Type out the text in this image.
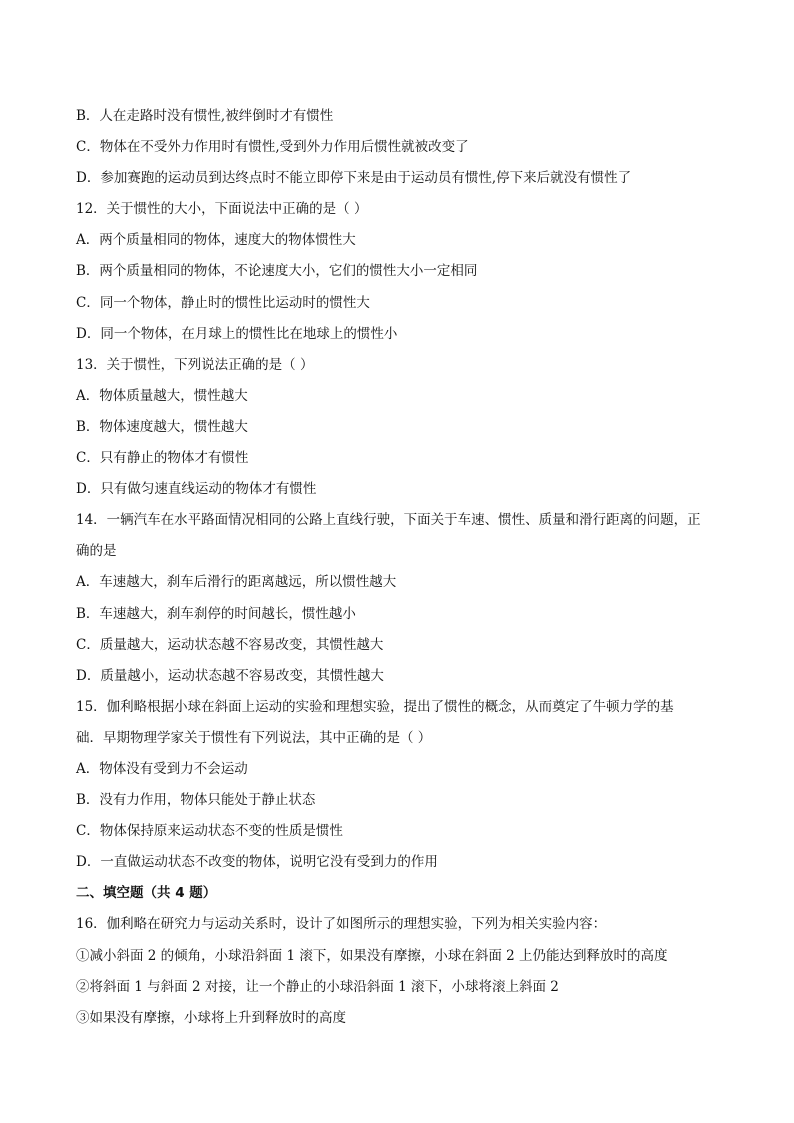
B．人在走路时没有惯性,被绊倒时才有惯性
C．物体在不受外力作用时有惯性,受到外力作用后惯性就被改变了
D．参加赛跑的运动员到达终点时不能立即停下来是由于运动员有惯性,停下来后就没有惯性了
12．关于惯性的大小，下面说法中正确的是（ ）
A．两个质量相同的物体，速度大的物体惯性大
B．两个质量相同的物体，不论速度大小，它们的惯性大小一定相同
C．同一个物体，静止时的惯性比运动时的惯性大
D．同一个物体，在月球上的惯性比在地球上的惯性小
13．关于惯性，下列说法正确的是（ ）
A．物体质量越大，惯性越大
B．物体速度越大，惯性越大
C．只有静止的物体才有惯性
D．只有做匀速直线运动的物体才有惯性
14．一辆汽车在水平路面情况相同的公路上直线行驶，下面关于车速、惯性、质量和滑行距离的问题，正
确的是
A．车速越大，刹车后滑行的距离越远，所以惯性越大
B．车速越大，刹车刹停的时间越长，惯性越小
C．质量越大，运动状态越不容易改变，其惯性越大
D．质量越小，运动状态越不容易改变，其惯性越大
15．伽利略根据小球在斜面上运动的实验和理想实验，提出了惯性的概念，从而奠定了牛顿力学的基
础．早期物理学家关于惯性有下列说法，其中正确的是（ ）
A．物体没有受到力不会运动
B．没有力作用，物体只能处于静止状态
C．物体保持原来运动状态不变的性质是惯性
D．一直做运动状态不改变的物体，说明它没有受到力的作用
二、填空题（共 4 题）
16．伽利略在研究力与运动关系时，设计了如图所示的理想实验，下列为相关实验内容：
①减小斜面 2 的倾角，小球沿斜面 1 滚下，如果没有摩擦，小球在斜面 2 上仍能达到释放时的高度
②将斜面 1 与斜面 2 对接，让一个静止的小球沿斜面 1 滚下，小球将滚上斜面 2
③如果没有摩擦，小球将上升到释放时的高度
